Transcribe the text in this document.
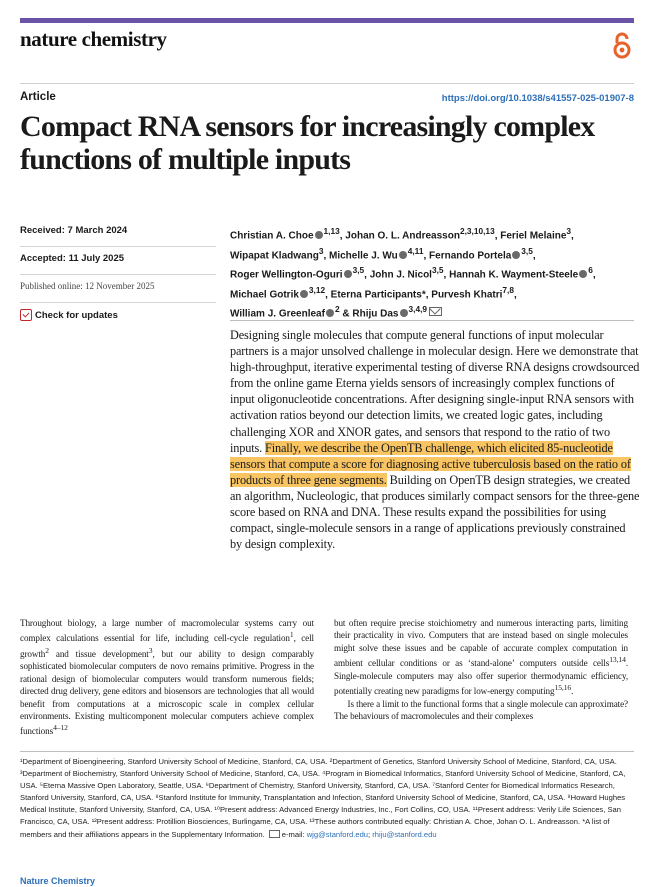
nature chemistry
Article	https://doi.org/10.1038/s41557-025-01907-8
Compact RNA sensors for increasingly complex functions of multiple inputs
Received: 7 March 2024
Accepted: 11 July 2025
Published online: 12 November 2025
Check for updates
Christian A. Choe $^{1,13}$, Johan O. L. Andreasson$^{2,3,10,13}$, Feriel Melaine$^3$,
Wipapat Kladwang$^3$, Michelle J. Wu $^{4,11}$, Fernando Portela $^{3,5}$,
Roger Wellington-Oguri $^{3,5}$, John J. Nicol$^{3,5}$, Hannah K. Wayment-Steele $^6$,
Michael Gotrik $^{3,12}$, Eterna Participants*, Purvesh Khatri$^{7,8}$,
William J. Greenleaf $^2$ & Rhiju Das $^{3,4,9}$

Designing single molecules that compute general functions of input molecular partners is a major unsolved challenge in molecular design. Here we demonstrate that high-throughput, iterative experimental testing of diverse RNA designs crowdsourced from the online game Eterna yields sensors of increasingly complex functions of input oligonucleotide concentrations. After designing single-input RNA sensors with activation ratios beyond our detection limits, we created logic gates, including challenging XOR and XNOR gates, and sensors that respond to the ratio of two inputs. Finally, we describe the OpenTB challenge, which elicited 85-nucleotide sensors that compute a score for diagnosing active tuberculosis based on the ratio of products of three gene segments. Building on OpenTB design strategies, we created an algorithm, Nucleologic, that produces similarly compact sensors for the three-gene score based on RNA and DNA. These results expand the possibilities for using compact, single-molecule sensors in a range of applications previously constrained by design complexity.

Throughout biology, a large number of macromolecular systems carry out complex calculations essential for life, including cell-cycle regulation$^1$, cell growth$^2$ and tissue development$^3$, but our ability to design comparably sophisticated biomolecular computers de novo remains primitive. Progress in the rational design of biomolecular computers would transform numerous fields; directed drug delivery, gene editors and biosensors are technologies that all would benefit from computations at a microscopic scale in complex cellular environments. Existing multicomponent molecular computers achieve complex functions$^{4-12}$

but often require precise stoichiometry and numerous interacting parts, limiting their practicality in vivo. Computers that are instead based on single molecules might solve these issues and be capable of accurate complex computation in ambient cellular conditions or as ‘stand-alone’ computers outside cells$^{13,14}$. Single-molecule computers may also offer superior thermodynamic efficiency, potentially creating new paradigms for low-energy computing$^{15,16}$.
  Is there a limit to the functional forms that a single molecule can approximate? The behaviours of macromolecules and their complexes

¹Department of Bioengineering, Stanford University School of Medicine, Stanford, CA, USA. ²Department of Genetics, Stanford University School of Medicine, Stanford, CA, USA. ³Department of Biochemistry, Stanford University School of Medicine, Stanford, CA, USA. ⁴Program in Biomedical Informatics, Stanford University School of Medicine, Stanford, CA, USA. ⁵Eterna Massive Open Laboratory, Seattle, USA. ⁶Department of Chemistry, Stanford University, Stanford, CA, USA. ⁷Stanford Center for Biomedical Informatics Research, Stanford University, Stanford, CA, USA. ⁸Stanford Institute for Immunity, Transplantation and Infection, Stanford University School of Medicine, Stanford, CA, USA. ⁹Howard Hughes Medical Institute, Stanford University, Stanford, CA, USA. ¹⁰Present address: Advanced Energy Industries, Inc., Fort Collins, CO, USA. ¹¹Present address: Verily Life Sciences, San Francisco, CA, USA. ¹²Present address: Protillion Biosciences, Burlingame, CA, USA. ¹³These authors contributed equally: Christian A. Choe, Johan O. L. Andreasson. *A list of members and their affiliations appears in the Supplementary Information. e-mail: wjg@stanford.edu; rhiju@stanford.edu

Nature Chemistry
